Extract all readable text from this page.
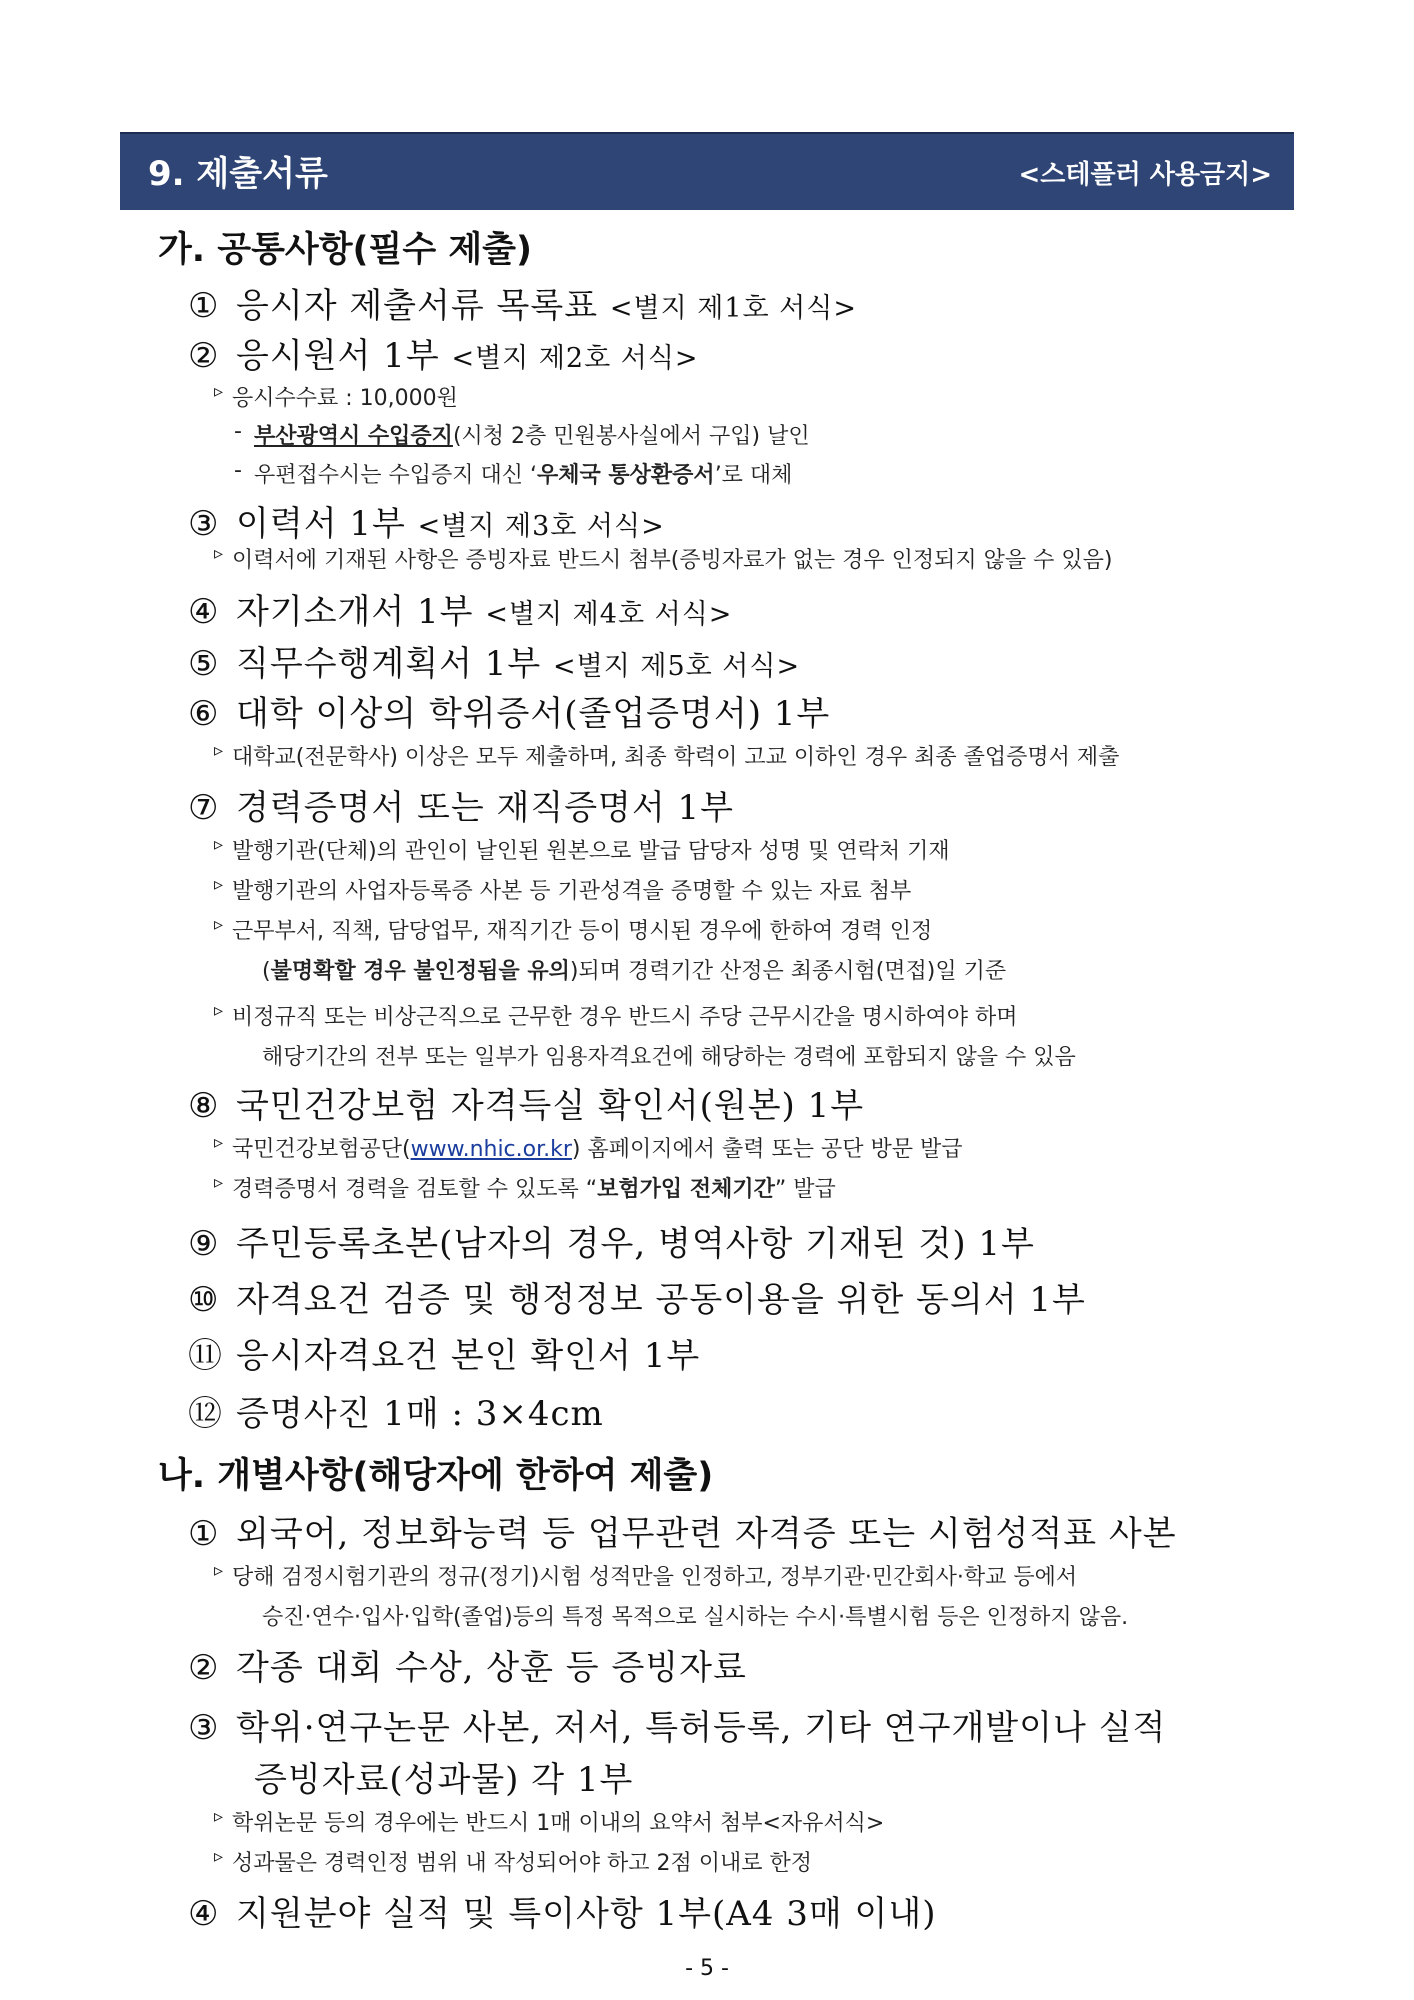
9. 제출서류	<스테플러 사용금지>
가. 공통사항(필수 제출)
① 응시자 제출서류 목록표 <별지 제1호 서식>
② 응시원서 1부 <별지 제2호 서식>
▹ 응시수수료 : 10,000원
- 부산광역시 수입증지(시청 2층 민원봉사실에서 구입) 날인
- 우편접수시는 수입증지 대신 ‘우체국 통상환증서’로 대체
③ 이력서 1부 <별지 제3호 서식>
▹ 이력서에 기재된 사항은 증빙자료 반드시 첨부(증빙자료가 없는 경우 인정되지 않을 수 있음)
④ 자기소개서 1부 <별지 제4호 서식>
⑤ 직무수행계획서 1부 <별지 제5호 서식>
⑥ 대학 이상의 학위증서(졸업증명서) 1부
▹ 대학교(전문학사) 이상은 모두 제출하며, 최종 학력이 고교 이하인 경우 최종 졸업증명서 제출
⑦ 경력증명서 또는 재직증명서 1부
▹ 발행기관(단체)의 관인이 날인된 원본으로 발급 담당자 성명 및 연락처 기재
▹ 발행기관의 사업자등록증 사본 등 기관성격을 증명할 수 있는 자료 첨부
▹ 근무부서, 직책, 담당업무, 재직기간 등이 명시된 경우에 한하여 경력 인정
(불명확할 경우 불인정됨을 유의)되며 경력기간 산정은 최종시험(면접)일 기준
▹ 비정규직 또는 비상근직으로 근무한 경우 반드시 주당 근무시간을 명시하여야 하며
해당기간의 전부 또는 일부가 임용자격요건에 해당하는 경력에 포함되지 않을 수 있음
⑧ 국민건강보험 자격득실 확인서(원본) 1부
▹ 국민건강보험공단(www.nhic.or.kr) 홈페이지에서 출력 또는 공단 방문 발급
▹ 경력증명서 경력을 검토할 수 있도록 “보험가입 전체기간” 발급
⑨ 주민등록초본(남자의 경우, 병역사항 기재된 것) 1부
⑩ 자격요건 검증 및 행정정보 공동이용을 위한 동의서 1부
⑪ 응시자격요건 본인 확인서 1부
⑫ 증명사진 1매 : 3×4cm
나. 개별사항(해당자에 한하여 제출)
① 외국어, 정보화능력 등 업무관련 자격증 또는 시험성적표 사본
▹ 당해 검정시험기관의 정규(정기)시험 성적만을 인정하고, 정부기관·민간회사·학교 등에서
승진·연수·입사·입학(졸업)등의 특정 목적으로 실시하는 수시·특별시험 등은 인정하지 않음.
② 각종 대회 수상, 상훈 등 증빙자료
③ 학위·연구논문 사본, 저서, 특허등록, 기타 연구개발이나 실적
증빙자료(성과물) 각 1부
▹ 학위논문 등의 경우에는 반드시 1매 이내의 요약서 첨부<자유서식>
▹ 성과물은 경력인정 범위 내 작성되어야 하고 2점 이내로 한정
④ 지원분야 실적 및 특이사항 1부(A4 3매 이내)
- 5 -
